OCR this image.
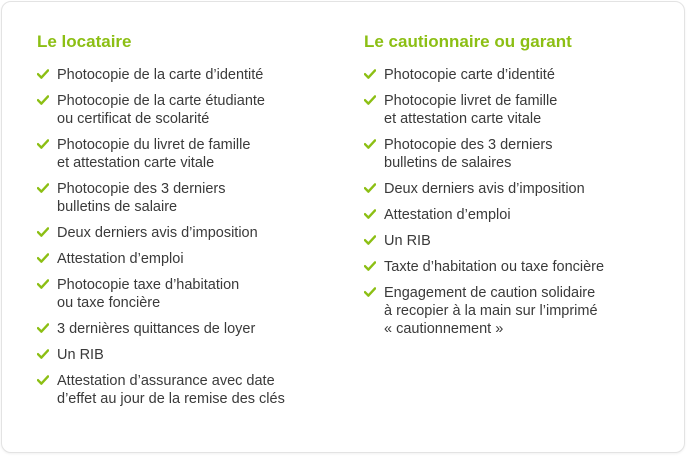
Le locataire
Photocopie de la carte d’identité
Photocopie de la carte étudiante
ou certificat de scolarité
Photocopie du livret de famille
et attestation carte vitale
Photocopie des 3 derniers
bulletins de salaire
Deux derniers avis d’imposition
Attestation d’emploi
Photocopie taxe d’habitation
ou taxe foncière
3 dernières quittances de loyer
Un RIB
Attestation d’assurance avec date
d’effet au jour de la remise des clés
Le cautionnaire ou garant
Photocopie carte d’identité
Photocopie livret de famille
et attestation carte vitale
Photocopie des 3 derniers
bulletins de salaires
Deux derniers avis d’imposition
Attestation d’emploi
Un RIB
Taxte d’habitation ou taxe foncière
Engagement de caution solidaire
à recopier à la main sur l’imprimé
« cautionnement »
